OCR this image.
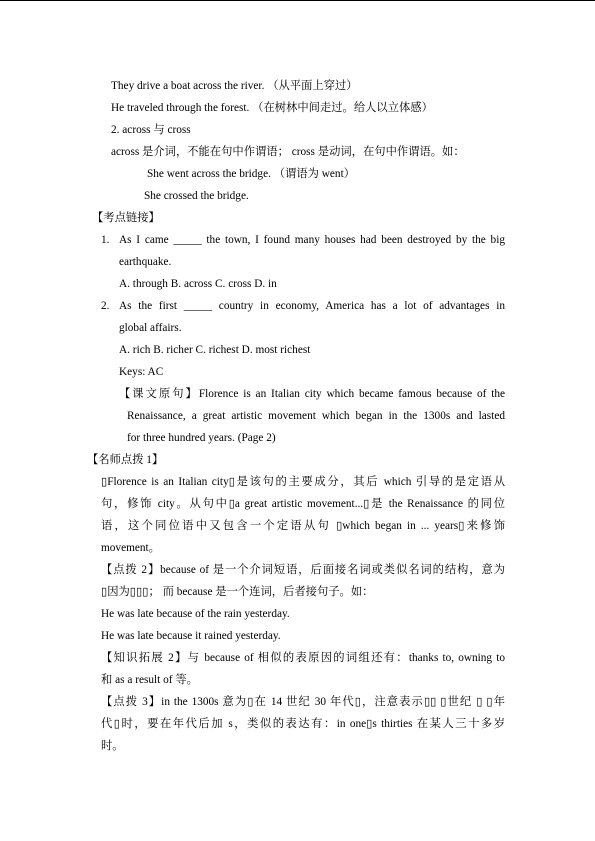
They drive a boat across the river. （从平面上穿过）
He traveled through the forest. （在树林中间走过。给人以立体感）
2. across 与 cross
across 是介词，不能在句中作谓语； cross 是动词，在句中作谓语。如：
She went across the bridge. （谓语为 went）
She crossed the bridge.
【考点链接】
1. As I came _____ the town, I found many houses had been destroyed by the big
earthquake.
A. through B. across C. cross D. in
2. As the first _____ country in economy, America has a lot of advantages in
global affairs.
A. rich B. richer C. richest D. most richest
Keys: AC
【课文原句】Florence is an Italian city which became famous because of the
Renaissance, a great artistic movement which began in the 1300s and lasted
for three hundred years. (Page 2)
【名师点拨 1】
▯Florence is an Italian city▯是该句的主要成分，其后 which 引导的是定语从
句，修饰 city。从句中▯a great artistic movement...▯是 the Renaissance 的同位
语，这个同位语中又包含一个定语从句 ▯which began in ... years▯来修饰
movement。
【点拨 2】because of 是一个介词短语，后面接名词或类似名词的结构，意为
▯因为▯▯▯； 而 because 是一个连词，后者接句子。如：
He was late because of the rain yesterday.
He was late because it rained yesterday.
【知识拓展 2】与 because of 相似的表原因的词组还有：thanks to, owning to
和 as a result of 等。
【点拨 3】in the 1300s 意为▯在 14 世纪 30 年代▯，注意表示▯▯ ▯世纪 ▯ ▯年
代▯时，要在年代后加 s，类似的表达有：in one▯s thirties 在某人三十多岁
时。
